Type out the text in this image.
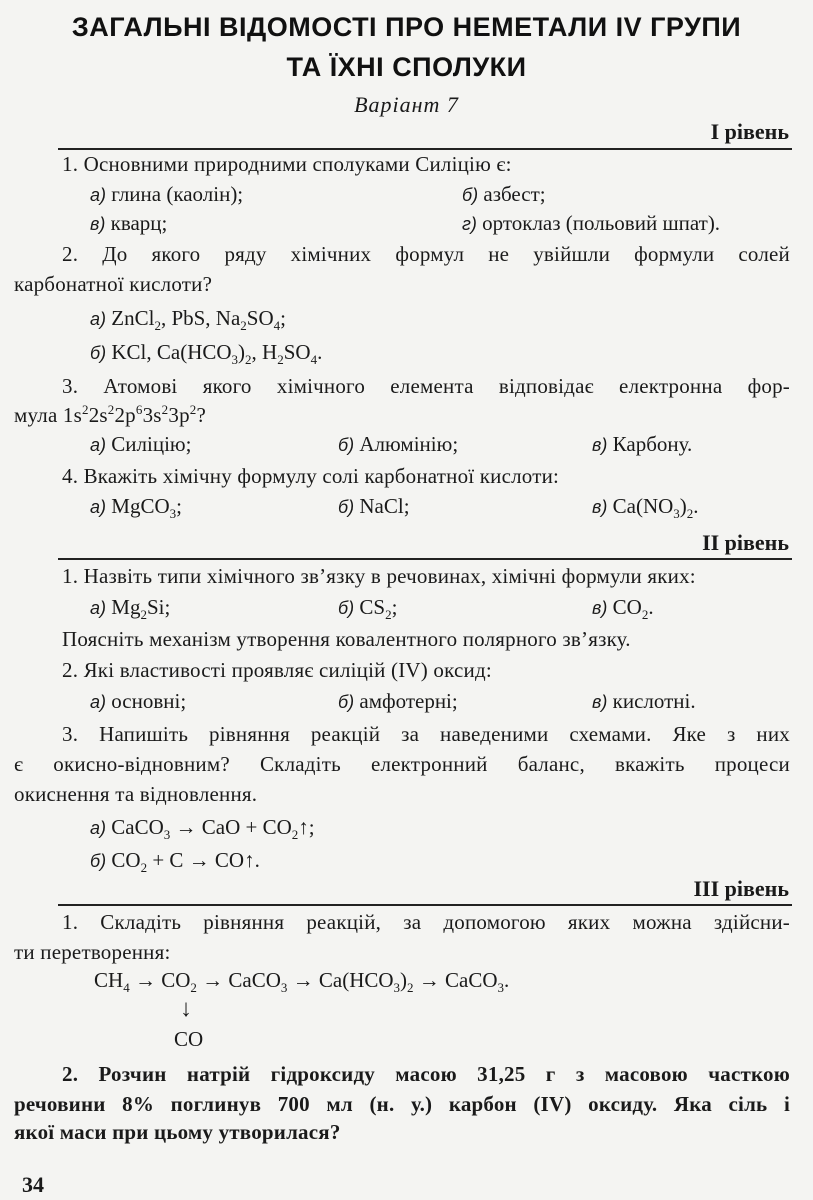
ЗАГАЛЬНІ ВІДОМОСТІ ПРО НЕМЕТАЛИ IV ГРУПИ
ТА ЇХНІ СПОЛУКИ
Варіант 7
I рівень
1. Основними природними сполуками Силіцію є:
а) глина (каолін);	б) азбест;
в) кварц;	г) ортоклаз (польовий шпат).
2. До якого ряду хімічних формул не увійшли формули солей
карбонатної кислоти?
а) ZnCl$_2$, PbS, $Na_2SO_4$;
б) KCl, $Ca(HCO_3)_2$, $H_2SO_4$.
3. Атомові якого хімічного елемента відповідає електронна фор-
мула $1s^22s^22p^63s^23p^2$?
а) Силіцію;	б) Алюмінію;	в) Карбону.
4. Вкажіть хімічну формулу солі карбонатної кислоти:
а) MgCO$_3$;	б) NaCl;	в) $Ca(NO_3)_2$.
II рівень
1. Назвіть типи хімічного зв’язку в речовинах, хімічні формули яких:
а) $Mg_2Si$;	б) $CS_2$;	в) $CO_2$.
Поясніть механізм утворення ковалентного полярного зв’язку.
2. Які властивості проявляє силіцій (IV) оксид:
а) основні;	б) амфотерні;	в) кислотні.
3. Напишіть рівняння реакцій за наведеними схемами. Яке з них
є окисно-відновним? Складіть електронний баланс, вкажіть процеси
окиснення та відновлення.
а) CaCO$_3$ → CaO + $CO_2↑$;
б) $CO_2 + C$ → CO↑.
III рівень
1. Складіть рівняння реакцій, за допомогою яких можна здійсни-
ти перетворення:
$CH_4 \to CO_2$ → CaCO$_3$ → $Ca(HCO_3)_2$ → CaCO$_3$.
↓
CO
2. Розчин натрій гідроксиду масою 31,25 г з масовою часткою
речовини 8% поглинув 700 мл (н. у.) карбон (IV) оксиду. Яка сіль і
якої маси при цьому утворилася?
34
